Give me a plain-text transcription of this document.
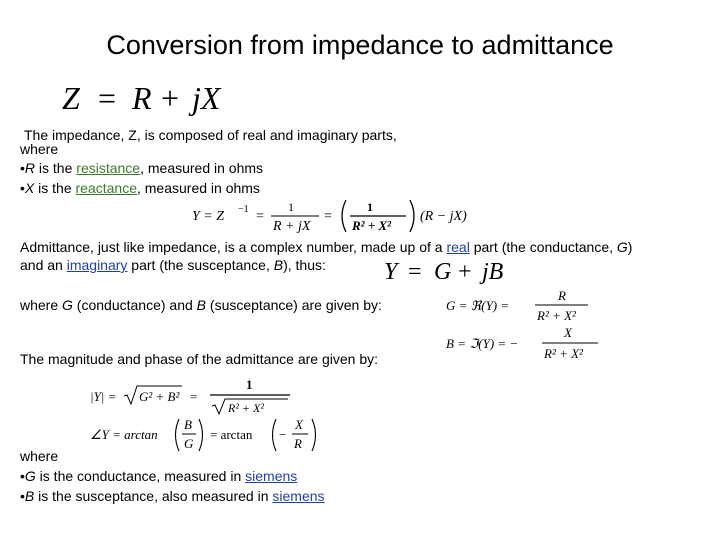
Conversion from impedance to admittance
Z = R + jX
The impedance, Z, is composed of real and imaginary parts,
where
•R is the resistance, measured in ohms
•X is the reactance, measured in ohms
Y = Z −1 =
1
R + jX
=
1
R² + X²
(R − jX)
Admittance, just like impedance, is a complex number, made up of a real part (the conductance, G)
and an imaginary part (the susceptance, B), thus: Y = G + jB
where G (conductance) and B (susceptance) are given by:	G = ℜ(Y) =
R
R² + X²
B = ℑ(Y) = −
X
R² + X²
The magnitude and phase of the admittance are given by:
|Y| = G² + B² =
1
R² + X²
∠Y = arctan
B
G
= arctan −
X
R
where
•G is the conductance, measured in siemens
•B is the susceptance, also measured in siemens
